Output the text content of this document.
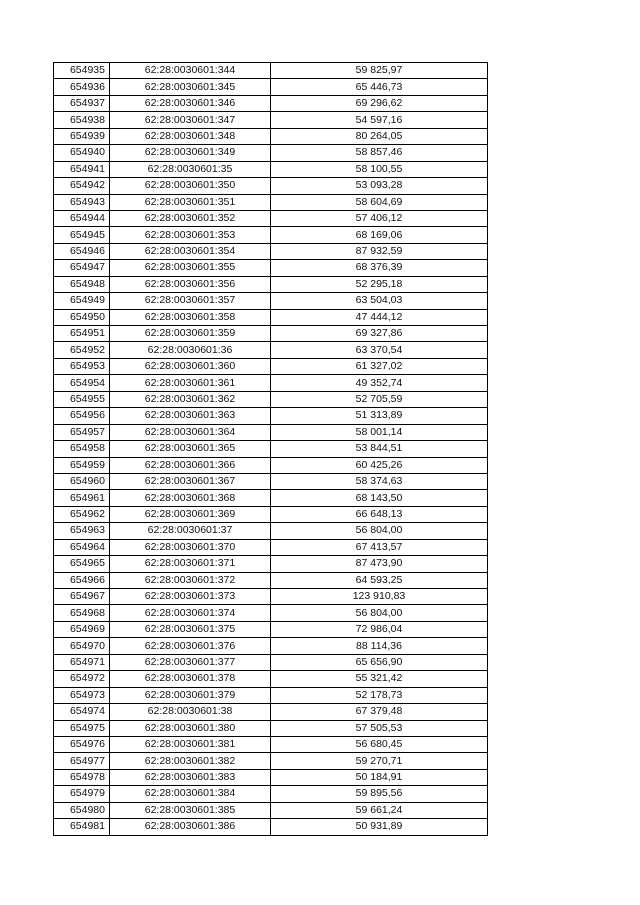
654935	62:28:0030601:344	59 825,97
654936	62:28:0030601:345	65 446,73
654937	62:28:0030601:346	69 296,62
654938	62:28:0030601:347	54 597,16
654939	62:28:0030601:348	80 264,05
654940	62:28:0030601:349	58 857,46
654941	62:28:0030601:35	58 100,55
654942	62:28:0030601:350	53 093,28
654943	62:28:0030601:351	58 604,69
654944	62:28:0030601:352	57 406,12
654945	62:28:0030601:353	68 169,06
654946	62:28:0030601:354	87 932,59
654947	62:28:0030601:355	68 376,39
654948	62:28:0030601:356	52 295,18
654949	62:28:0030601:357	63 504,03
654950	62:28:0030601:358	47 444,12
654951	62:28:0030601:359	69 327,86
654952	62:28:0030601:36	63 370,54
654953	62:28:0030601:360	61 327,02
654954	62:28:0030601:361	49 352,74
654955	62:28:0030601:362	52 705,59
654956	62:28:0030601:363	51 313,89
654957	62:28:0030601:364	58 001,14
654958	62:28:0030601:365	53 844,51
654959	62:28:0030601:366	60 425,26
654960	62:28:0030601:367	58 374,63
654961	62:28:0030601:368	68 143,50
654962	62:28:0030601:369	66 648,13
654963	62:28:0030601:37	56 804,00
654964	62:28:0030601:370	67 413,57
654965	62:28:0030601:371	87 473,90
654966	62:28:0030601:372	64 593,25
654967	62:28:0030601:373	123 910,83
654968	62:28:0030601:374	56 804,00
654969	62:28:0030601:375	72 986,04
654970	62:28:0030601:376	88 114,36
654971	62:28:0030601:377	65 656,90
654972	62:28:0030601:378	55 321,42
654973	62:28:0030601:379	52 178,73
654974	62:28:0030601:38	67 379,48
654975	62:28:0030601:380	57 505,53
654976	62:28:0030601:381	56 680,45
654977	62:28:0030601:382	59 270,71
654978	62:28:0030601:383	50 184,91
654979	62:28:0030601:384	59 895,56
654980	62:28:0030601:385	59 661,24
654981	62:28:0030601:386	50 931,89
